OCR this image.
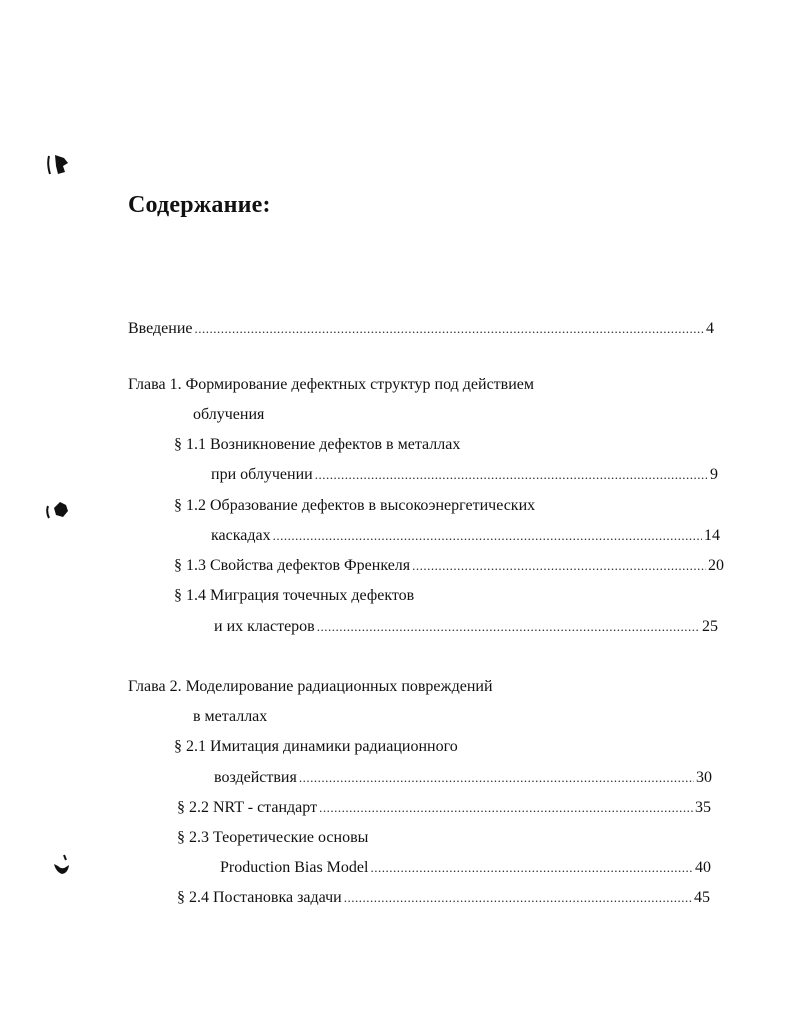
Содержание:
Введение .....	4
Глава 1. Формирование дефектных структур под действием
облучения
§ 1.1 Возникновение дефектов в металлах
при облучении .....	9
§ 1.2 Образование дефектов в высокоэнергетических
каскадах .....	14
§ 1.3 Свойства дефектов Френкеля .....	20
§ 1.4 Миграция точечных дефектов
и их кластеров .....	25
Глава 2. Моделирование радиационных повреждений
в металлах
§ 2.1 Имитация динамики радиационного
воздействия .....	30
§ 2.2 NRT - стандарт .....	35
§ 2.3 Теоретические основы
Production Bias Model .....	40
§ 2.4 Постановка задачи .....	45
